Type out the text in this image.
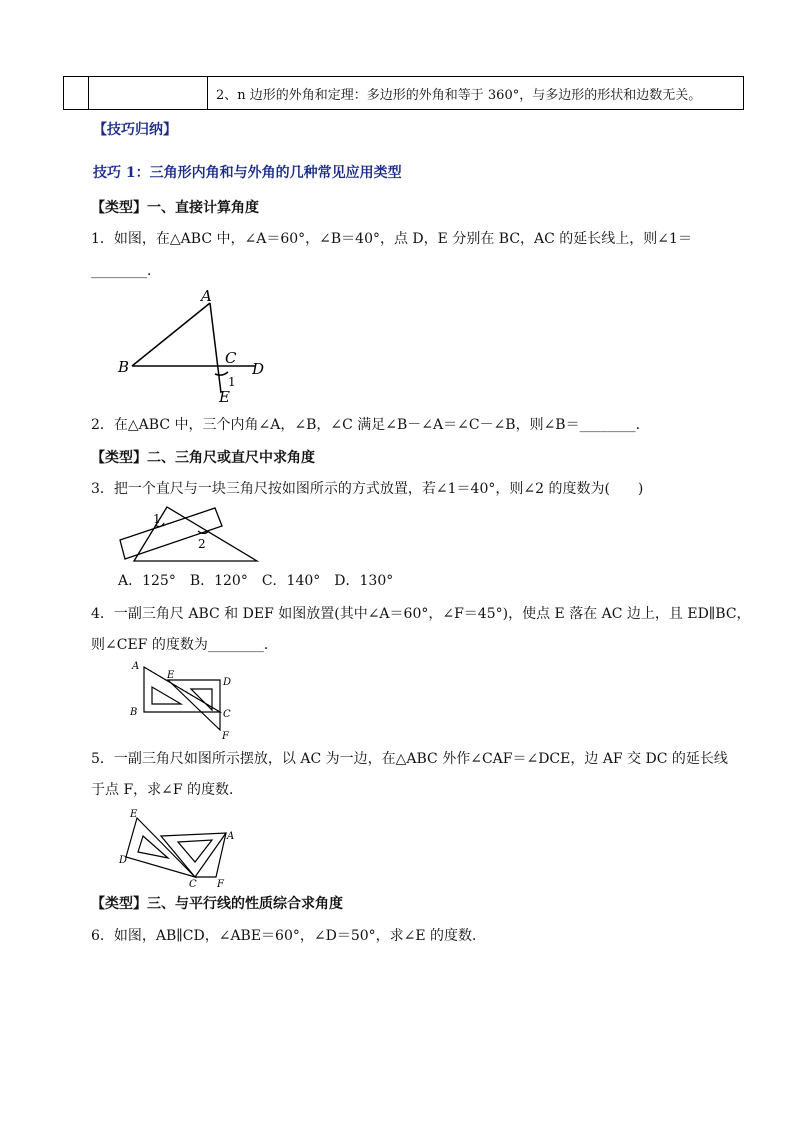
		2、n 边形的外角和定理：多边形的外角和等于 360°，与多边形的形状和边数无关。
【技巧归纳】
技巧 1：三角形内角和与外角的几种常见应用类型
【类型】一、直接计算角度
1．如图，在△ABC 中，∠A＝60°，∠B＝40°，点 D，E 分别在 BC，AC 的延长线上，则∠1＝
________．
A
B	C
D
E
1
2．在△ABC 中，三个内角∠A，∠B，∠C 满足∠B－∠A＝∠C－∠B，则∠B＝________．
【类型】二、三角尺或直尺中求角度
3．把一个直尺与一块三角尺按如图所示的方式放置，若∠1＝40°，则∠2 的度数为(　　)
1
2
A．125°　B．120°　C．140°　D．130°
4．一副三角尺 ABC 和 DEF 如图放置(其中∠A＝60°，∠F＝45°)，使点 E 落在 AC 边上，且 ED∥BC，
则∠CEF 的度数为________．
A
B	C
D
E
F
5．一副三角尺如图所示摆放，以 AC 为一边，在△ABC 外作∠CAF＝∠DCE，边 AF 交 DC 的延长线
于点 F，求∠F 的度数．
E
D
A
C F
【类型】三、与平行线的性质综合求角度
6．如图，AB∥CD，∠ABE＝60°，∠D＝50°，求∠E 的度数．
